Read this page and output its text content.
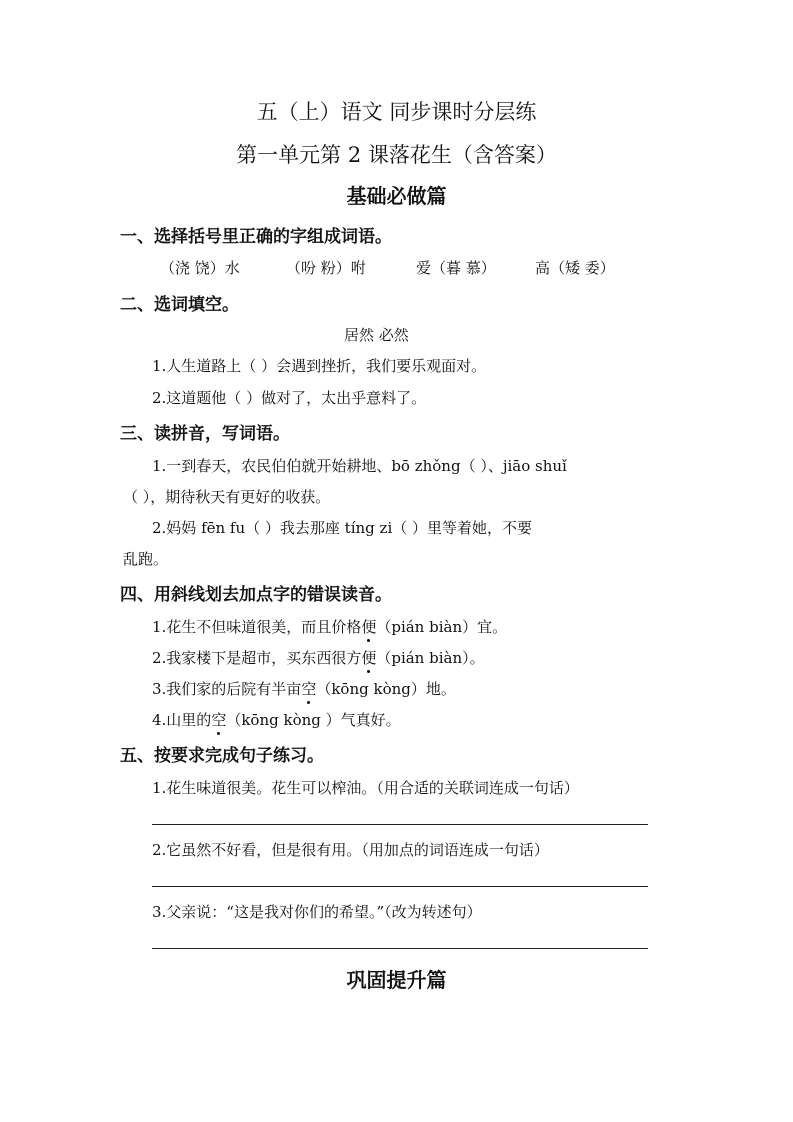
五（上）语文 同步课时分层练
第一单元第 2 课落花生（含答案）
基础必做篇
一、选择括号里正确的字组成词语。
（浇 饶）水	（吩 粉）咐	爱（暮 慕）	高（矮 委）
二、选词填空。
居然 必然
1.人生道路上（ ）会遇到挫折，我们要乐观面对。
2.这道题他（ ）做对了，太出乎意料了。
三、读拼音，写词语。
1.一到春天，农民伯伯就开始耕地、bō zhǒng（ ）、jiāo shuǐ
（ ），期待秋天有更好的收获。
2.妈妈 fēn fu（ ）我去那座 tíng zi（ ）里等着她，不要
乱跑。
四、用斜线划去加点字的错误读音。
1.花生不但味道很美，而且价格便（pián biàn）宜。
2.我家楼下是超市，买东西很方便（pián biàn）。
3.我们家的后院有半亩空（kōng kòng）地。
4.山里的空（kōng kòng ）气真好。
五、按要求完成句子练习。
1.花生味道很美。花生可以榨油。（用合适的关联词连成一句话）
2.它虽然不好看，但是很有用。（用加点的词语连成一句话）
3.父亲说：“这是我对你们的希望。”（改为转述句）
巩固提升篇
